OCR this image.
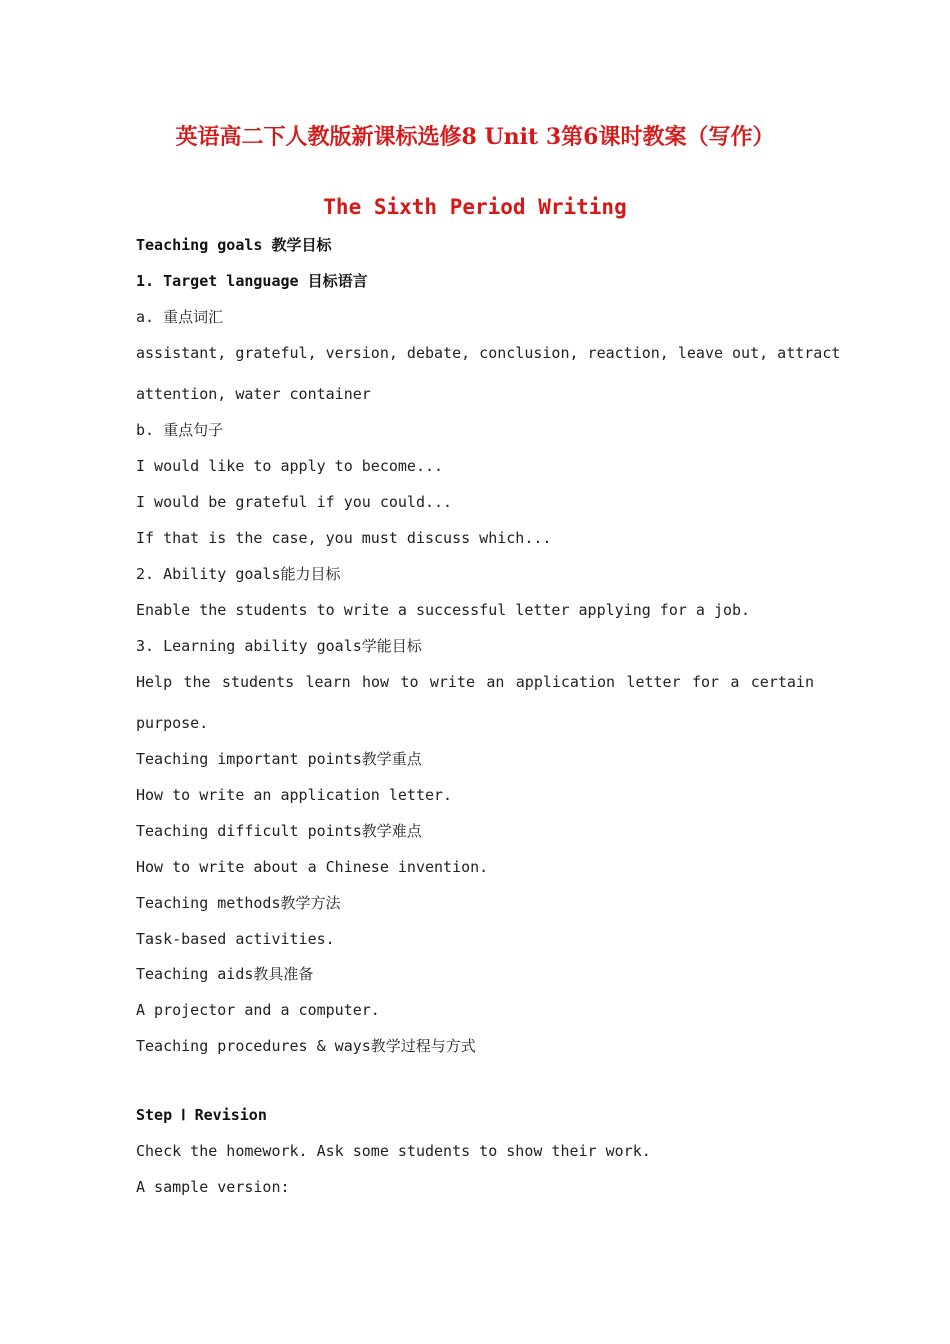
英语高二下人教版新课标选修8 Unit 3第6课时教案（写作）
The Sixth Period Writing
Teaching goals 教学目标
1. Target language 目标语言
a. 重点词汇
assistant, grateful, version, debate, conclusion, reaction, leave out, attract
attention, water container
b. 重点句子
I would like to apply to become...
I would be grateful if you could...
If that is the case, you must discuss which...
2. Ability goals能力目标
Enable the students to write a successful letter applying for a job.
3. Learning ability goals学能目标
Help the students learn how to write an application letter for a certain
purpose.
Teaching important points教学重点
How to write an application letter.
Teaching difficult points教学难点
How to write about a Chinese invention.
Teaching methods教学方法
Task-based activities.
Teaching aids教具准备
A projector and a computer.
Teaching procedures & ways教学过程与方式
Step Ⅰ Revision
Check the homework. Ask some students to show their work.
A sample version:
